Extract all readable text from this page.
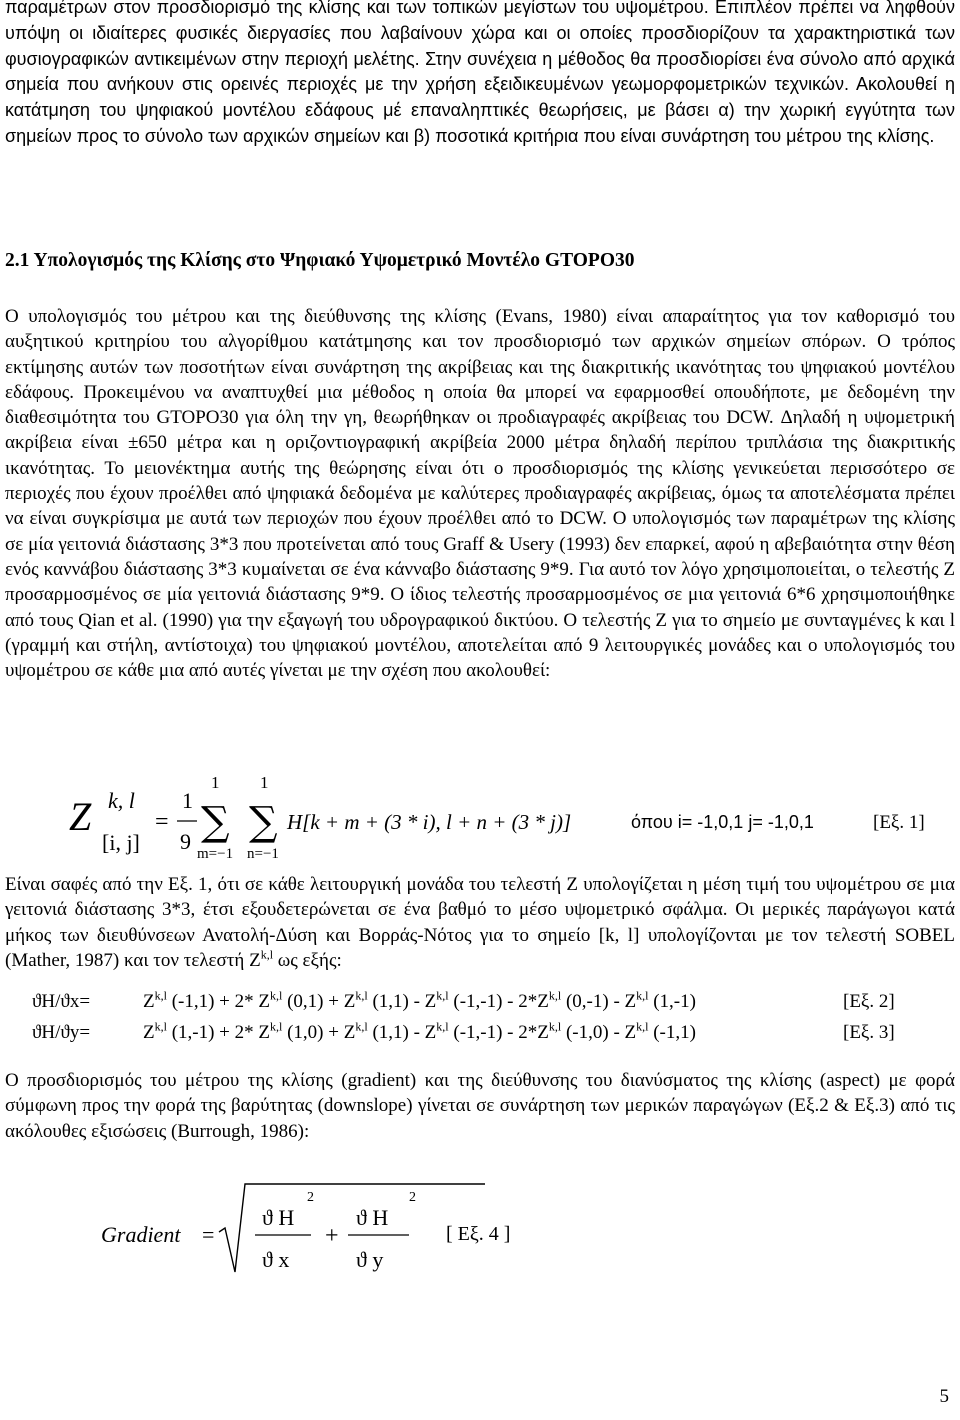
παραμέτρων στον προσδιορισμό της κλίσης και των τοπικών μεγίστων του υψομέτρου. Επιπλέον πρέπει να ληφθούν υπόψη οι ιδιαίτερες φυσικές διεργασίες που λαβαίνουν χώρα και οι οποίες προσδιορίζουν τα χαρακτηριστικά των φυσιογραφικών αντικειμένων στην περιοχή μελέτης. Στην συνέχεια η μέθοδος θα προσδιορίσει ένα σύνολο από αρχικά σημεία που ανήκουν στις ορεινές περιοχές με την χρήση εξειδικευμένων γεωμορφομετρικών τεχνικών. Ακολουθεί η κατάτμηση του ψηφιακού μοντέλου εδάφους μέ επαναληπτικές θεωρήσεις, με βάσει α) την χωρική εγγύτητα των σημείων προς το σύνολο των αρχικών σημείων και β) ποσοτικά κριτήρια που είναι συνάρτηση του μέτρου της κλίσης.

2.1 Υπολογισμός της Κλίσης στο Ψηφιακό Υψομετρικό Μοντέλο GTOPO30

Ο υπολογισμός του μέτρου και της διεύθυνσης της κλίσης (Evans, 1980) είναι απαραίτητος για τον καθορισμό του αυξητικού κριτηρίου του αλγορίθμου κατάτμησης και τον προσδιορισμό των αρχικών σημείων σπόρων. Ο τρόπος εκτίμησης αυτών των ποσοτήτων είναι συνάρτηση της ακρίβειας και της διακριτικής ικανότητας του ψηφιακού μοντέλου εδάφους. Προκειμένου να αναπτυχθεί μια μέθοδος η οποία θα μπορεί να εφαρμοσθεί οπουδήποτε, με δεδομένη την διαθεσιμότητα του GTOPO30 για όλη την γη, θεωρήθηκαν οι προδιαγραφές ακρίβειας του DCW. Δηλαδή η υψομετρική ακρίβεια είναι ±650 μέτρα και η οριζοντιογραφική ακρίβεία 2000 μέτρα δηλαδή περίπου τριπλάσια της διακριτικής ικανότητας. Το μειονέκτημα αυτής της θεώρησης είναι ότι ο προσδιορισμός της κλίσης γενικεύεται περισσότερο σε περιοχές που έχουν προέλθει από ψηφιακά δεδομένα με καλύτερες προδιαγραφές ακρίβειας, όμως τα αποτελέσματα πρέπει να είναι συγκρίσιμα με αυτά των περιοχών που έχουν προέλθει από το DCW. Ο υπολογισμός των παραμέτρων της κλίσης σε μία γειτονιά διάστασης 3*3 που προτείνεται από τους Graff & Usery (1993) δεν επαρκεί, αφού η αβεβαιότητα στην θέση ενός καννάβου διάστασης 3*3 κυμαίνεται σε ένα κάνναβο διάστασης 9*9. Για αυτό τον λόγο χρησιμοποιείται, ο τελεστής Z προσαρμοσμένος σε μία γειτονιά διάστασης 9*9. Ο ίδιος τελεστής προσαρμοσμένος σε μια γειτονιά 6*6 χρησιμοποιήθηκε από τους Qian et al. (1990) για την εξαγωγή του υδρογραφικού δικτύου. Ο τελεστής Z για το σημείο με συνταγμένες k και l (γραμμή και στήλη, αντίστοιχα) του ψηφιακού μοντέλου, αποτελείται από 9 λειτουργικές μονάδες και ο υπολογισμός του υψομέτρου σε κάθε μια από αυτές γίνεται με την σχέση που ακολουθεί:

Z k, l
[i, j]
=
1
9
1
∑
m=−1
1
∑
n=−1
H[k + m + (3 * i), l + n + (3 * j)]	όπου i= -1,0,1 j= -1,0,1	[Εξ. 1]

Είναι σαφές από την Εξ. 1, ότι σε κάθε λειτουργική μονάδα του τελεστή Z υπολογίζεται η μέση τιμή του υψομέτρου σε μια γειτονιά διάστασης 3*3, έτσι εξουδετερώνεται σε ένα βαθμό το μέσο υψομετρικό σφάλμα. Οι μερικές παράγωγοι κατά μήκος των διευθύνσεων Ανατολή-Δύση και Βορράς-Νότος για το σημείο [k, l] υπολογίζονται με τον τελεστή SOBEL (Mather, 1987) και τον τελεστή Z$^{k,l}$ ως εξής:

ϑH/ϑx=	Z$^{k,l}$ (-1,1) + 2* Z$^{k,l}$ (0,1) + Z$^{k,l}$ (1,1) - Z$^{k,l}$ $(-1,-1) - 2*Z^{k,l}$ (0,-1) - Z$^{k,l}$ (1,-1)	[Εξ. 2]
ϑH/ϑy=	Z$^{k,l}$ (1,-1) + 2* Z$^{k,l}$ (1,0) + Z$^{k,l}$ (1,1) - Z$^{k,l}$ $(-1,-1) - 2*Z^{k,l}$ (-1,0) - Z$^{k,l}$ (-1,1)	[Εξ. 3]

Ο προσδιορισμός του μέτρου της κλίσης (gradient) και της διεύθυνσης του διανύσματος της κλίσης (aspect) με φορά σύμφωνη προς την φορά της βαρύτητας (downslope) γίνεται σε συνάρτηση των μερικών παραγώγων (Εξ.2 & Εξ.3) από τις ακόλουθες εξισώσεις (Burrough, 1986):

Gradient =
ϑ H
ϑ x
2
+
ϑ H
ϑ y
2
[ Εξ. 4 ]
5
